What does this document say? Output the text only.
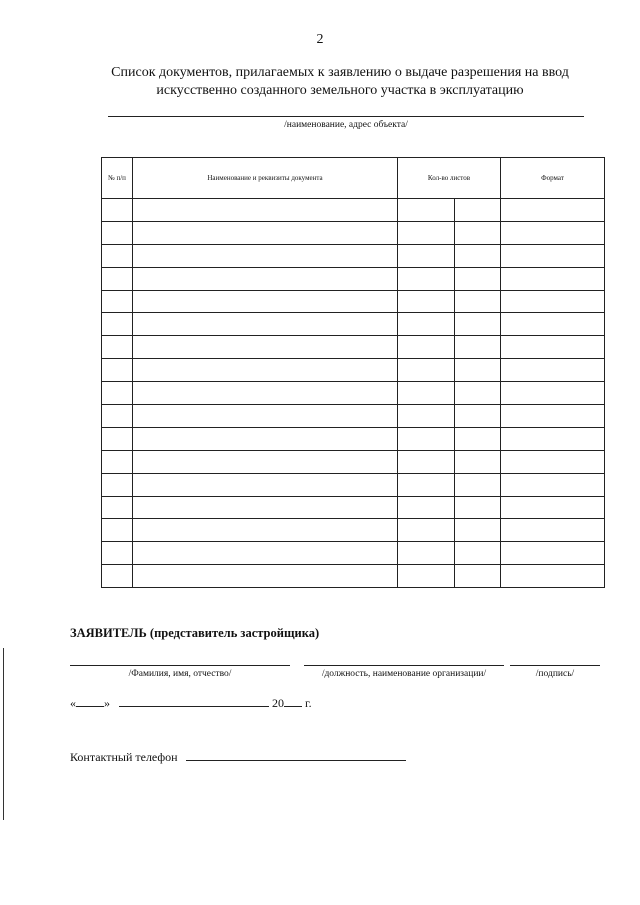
2
Список документов, прилагаемых к заявлению о выдаче разрешения на ввод
искусственно созданного земельного участка в эксплуатацию
/наименование, адрес объекта/
№ п/п	Наименование и реквизиты документа	Кол-во листов		Формат

ЗАЯВИТЕЛЬ (представитель застройщика)
/Фамилия, имя, отчество/	/должность, наименование организации/	/подпись/
« »	20 г.
Контактный телефон
